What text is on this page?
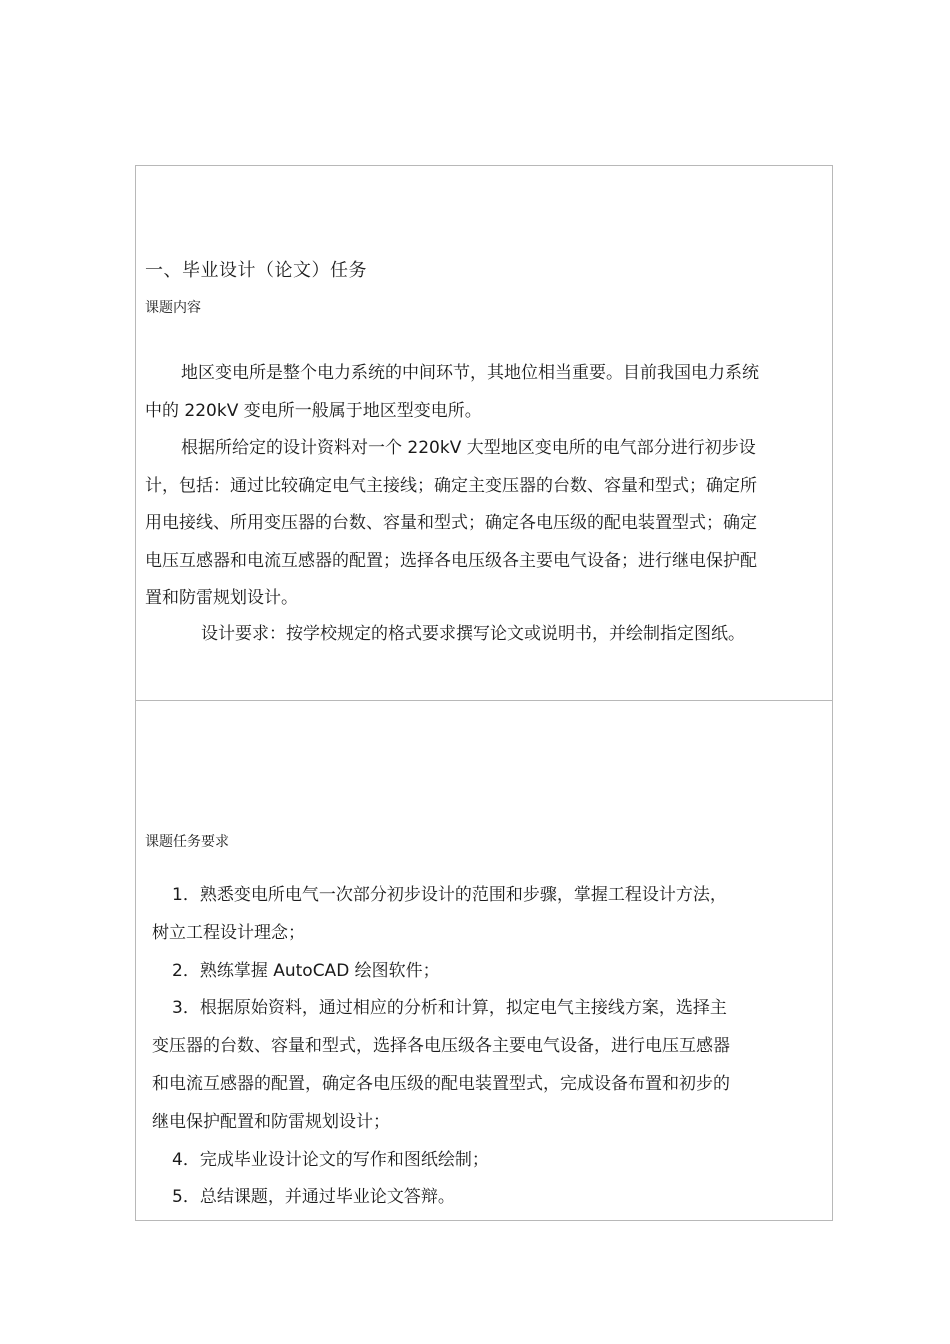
一、毕业设计（论文）任务
课题内容
地区变电所是整个电力系统的中间环节，其地位相当重要。目前我国电力系统
中的 220kV 变电所一般属于地区型变电所。
根据所给定的设计资料对一个 220kV 大型地区变电所的电气部分进行初步设
计，包括：通过比较确定电气主接线；确定主变压器的台数、容量和型式；确定所
用电接线、所用变压器的台数、容量和型式；确定各电压级的配电装置型式；确定
电压互感器和电流互感器的配置；选择各电压级各主要电气设备；进行继电保护配
置和防雷规划设计。
设计要求：按学校规定的格式要求撰写论文或说明书，并绘制指定图纸。
课题任务要求
1．熟悉变电所电气一次部分初步设计的范围和步骤，掌握工程设计方法，
树立工程设计理念；
2．熟练掌握 AutoCAD 绘图软件；
3．根据原始资料，通过相应的分析和计算，拟定电气主接线方案，选择主
变压器的台数、容量和型式，选择各电压级各主要电气设备，进行电压互感器
和电流互感器的配置，确定各电压级的配电装置型式，完成设备布置和初步的
继电保护配置和防雷规划设计；
4．完成毕业设计论文的写作和图纸绘制；
5．总结课题，并通过毕业论文答辩。
